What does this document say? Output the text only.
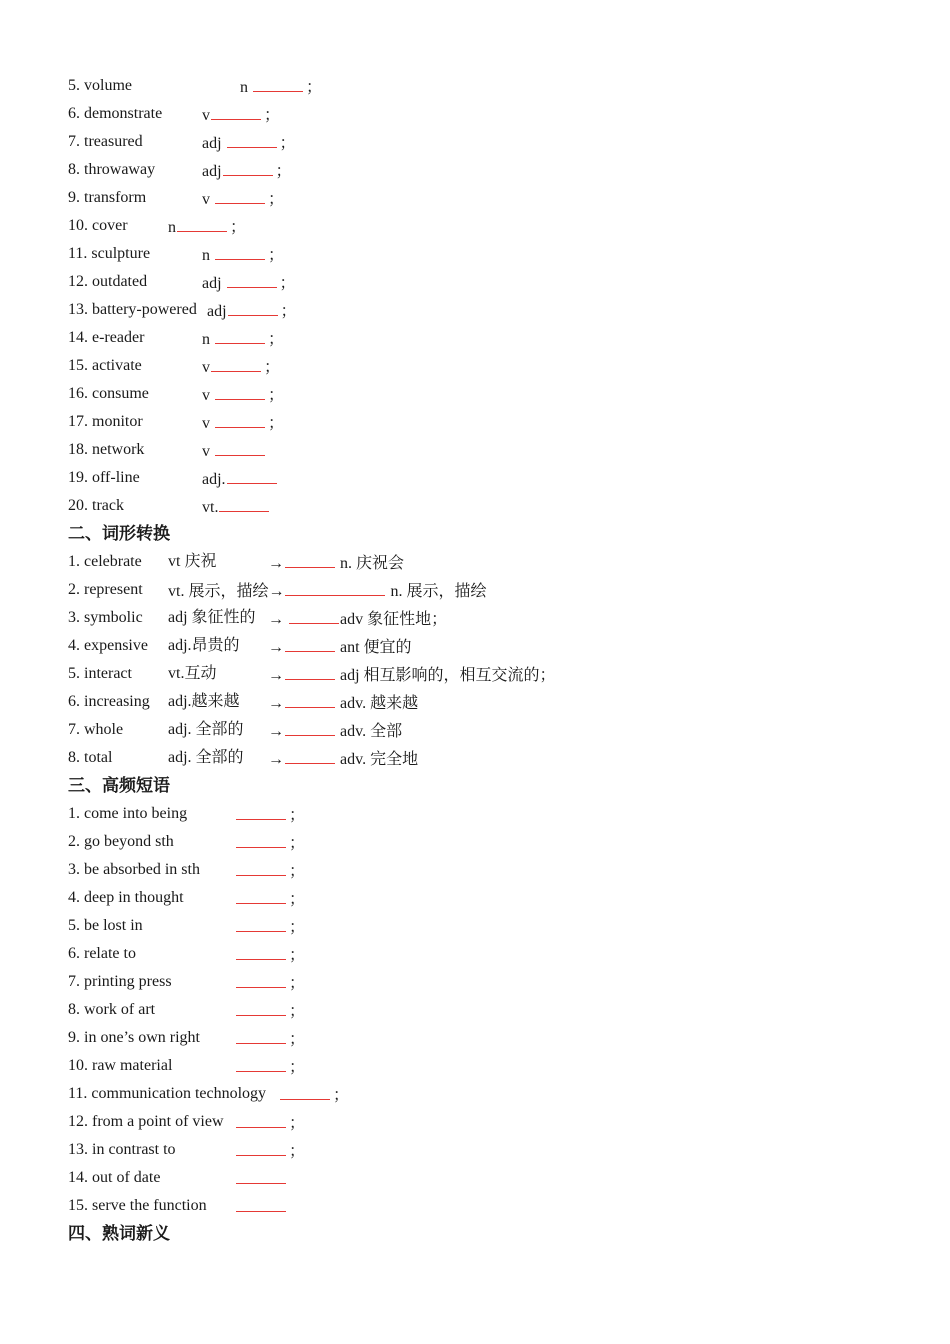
5. volume	n	；
6. demonstrate v	；
7. treasured	adj	；
8. throwaway	adj	；
9. transform	v	；
10. cover	n	；
11. sculpture	n	；
12. outdated	adj	；
13. battery-powered adj	；
14. e-reader	n	；
15. activate	v	；
16. consume	v	；
17. monitor	v	；
18. network	v
19. off-line	adj.
20. track	vt.
二、词形转换
1. celebrate vt 庆祝	→	n. 庆祝会
2. represent vt. 展示，描绘→	n. 展示，描绘
3. symbolic adj 象征性的 →	adv 象征性地；
4. expensive adj.昂贵的 →	ant 便宜的
5. interact vt.互动	→	adj 相互影响的，相互交流的；
6. increasing adj.越来越 →	adv. 越来越
7. whole	adj. 全部的 →	adv. 全部
8. total	adj. 全部的 →	adv. 完全地
三、高频短语
1. come into being	；
2. go beyond sth	；
3. be absorbed in sth	；
4. deep in thought	；
5. be lost in	；
6. relate to	；
7. printing press	；
8. work of art	；
9. in one’s own right	；
10. raw material	；
11. communication technology	；
12. from a point of view	；
13. in contrast to	；
14. out of date
15. serve the function
四、熟词新义
